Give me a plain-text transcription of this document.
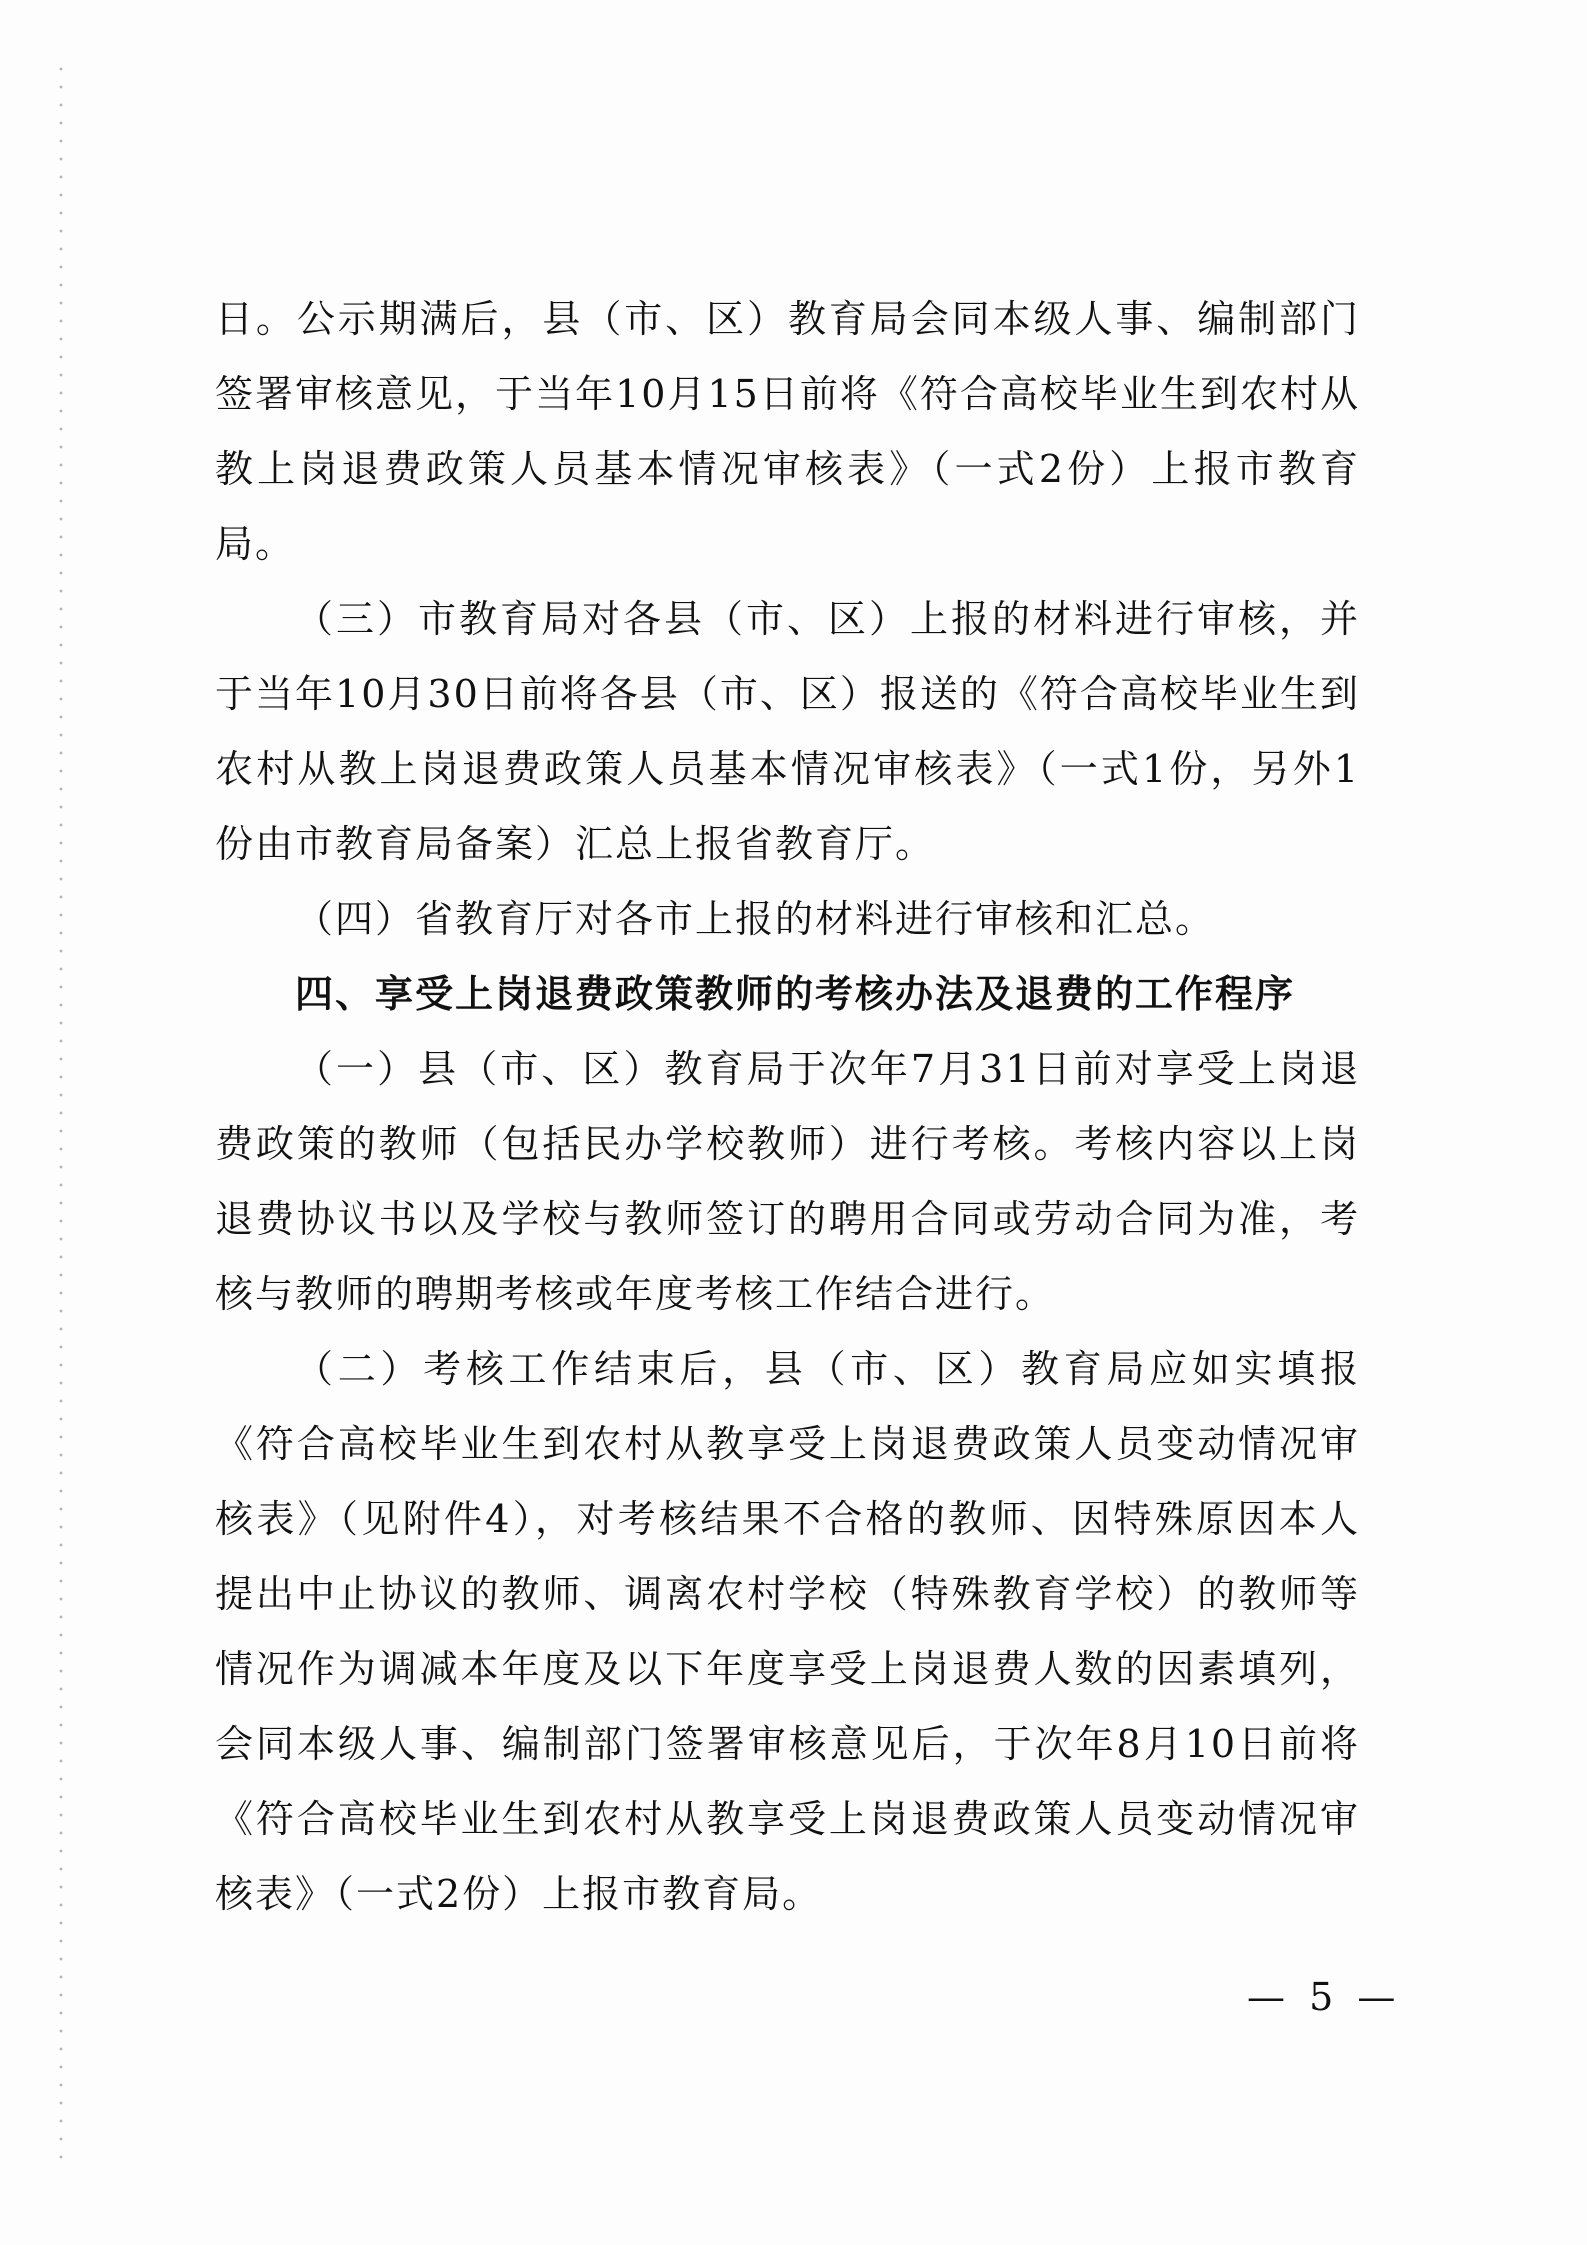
日。公示期满后，县（市、区）教育局会同本级人事、编制部门签署审核意见，于当年10月15日前将《符合高校毕业生到农村从教上岗退费政策人员基本情况审核表》（一式2份）上报市教育局。

（三）市教育局对各县（市、区）上报的材料进行审核，并于当年10月30日前将各县（市、区）报送的《符合高校毕业生到农村从教上岗退费政策人员基本情况审核表》（一式1份，另外1份由市教育局备案）汇总上报省教育厅。

（四）省教育厅对各市上报的材料进行审核和汇总。

四、享受上岗退费政策教师的考核办法及退费的工作程序

（一）县（市、区）教育局于次年7月31日前对享受上岗退费政策的教师（包括民办学校教师）进行考核。考核内容以上岗退费协议书以及学校与教师签订的聘用合同或劳动合同为准，考核与教师的聘期考核或年度考核工作结合进行。

（二）考核工作结束后，县（市、区）教育局应如实填报《符合高校毕业生到农村从教享受上岗退费政策人员变动情况审核表》（见附件4），对考核结果不合格的教师、因特殊原因本人提出中止协议的教师、调离农村学校（特殊教育学校）的教师等情况作为调减本年度及以下年度享受上岗退费人数的因素填列，会同本级人事、编制部门签署审核意见后，于次年8月10日前将《符合高校毕业生到农村从教享受上岗退费政策人员变动情况审核表》（一式2份）上报市教育局。

— 5 —
